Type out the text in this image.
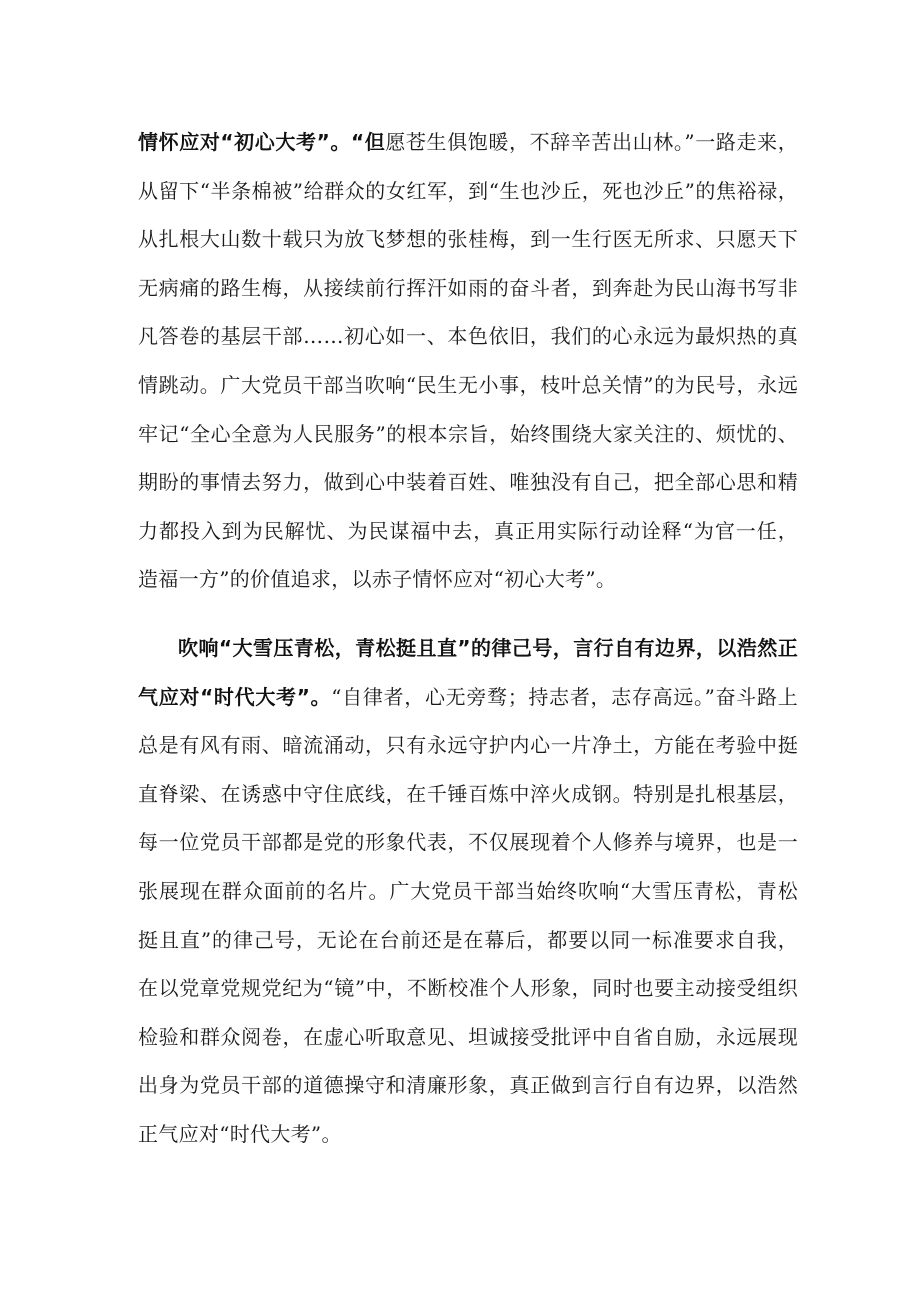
情怀应对“初心大考”。“但愿苍生俱饱暖，不辞辛苦出山林。”一路走来，从留下“半条棉被”给群众的女红军，到“生也沙丘，死也沙丘”的焦裕禄，从扎根大山数十载只为放飞梦想的张桂梅，到一生行医无所求、只愿天下无病痛的路生梅，从接续前行挥汗如雨的奋斗者，到奔赴为民山海书写非凡答卷的基层干部……初心如一、本色依旧，我们的心永远为最炽热的真情跳动。广大党员干部当吹响“民生无小事，枝叶总关情”的为民号，永远牢记“全心全意为人民服务”的根本宗旨，始终围绕大家关注的、烦忧的、期盼的事情去努力，做到心中装着百姓、唯独没有自己，把全部心思和精力都投入到为民解忧、为民谋福中去，真正用实际行动诠释“为官一任，造福一方”的价值追求，以赤子情怀应对“初心大考”。

吹响“大雪压青松，青松挺且直”的律己号，言行自有边界，以浩然正气应对“时代大考”。“自律者，心无旁骛；持志者，志存高远。”奋斗路上总是有风有雨、暗流涌动，只有永远守护内心一片净土，方能在考验中挺直脊梁、在诱惑中守住底线，在千锤百炼中淬火成钢。特别是扎根基层，每一位党员干部都是党的形象代表，不仅展现着个人修养与境界，也是一张展现在群众面前的名片。广大党员干部当始终吹响“大雪压青松，青松挺且直”的律己号，无论在台前还是在幕后，都要以同一标准要求自我，在以党章党规党纪为“镜”中，不断校准个人形象，同时也要主动接受组织检验和群众阅卷，在虚心听取意见、坦诚接受批评中自省自励，永远展现出身为党员干部的道德操守和清廉形象，真正做到言行自有边界，以浩然正气应对“时代大考”。
